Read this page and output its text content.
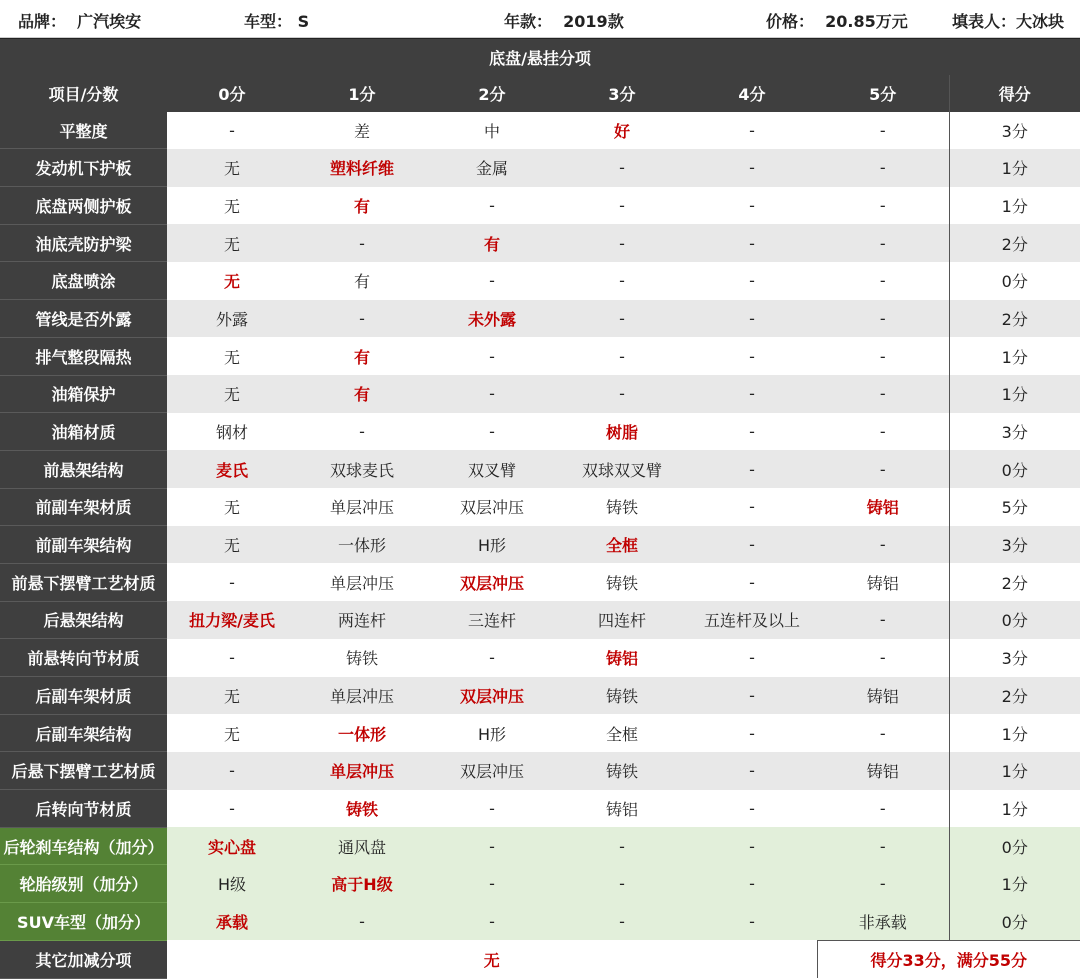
品牌： 广汽埃安	车型： S	年款： 2019款	价格： 20.85万元	填表人：大冰块
底盘/悬挂分项
项目/分数	0分	1分	2分	3分	4分	5分	得分
平整度	-	差	中	好	-	-	3分
发动机下护板	无	塑料纤维	金属	-	-	-	1分
底盘两侧护板	无	有	-	-	-	-	1分
油底壳防护梁	无	-	有	-	-	-	2分
底盘喷涂	无	有	-	-	-	-	0分
管线是否外露	外露	-	未外露	-	-	-	2分
排气整段隔热	无	有	-	-	-	-	1分
油箱保护	无	有	-	-	-	-	1分
油箱材质	钢材	-	-	树脂	-	-	3分
前悬架结构	麦氏	双球麦氏	双叉臂	双球双叉臂	-	-	0分
前副车架材质	无	单层冲压	双层冲压	铸铁	-	铸铝	5分
前副车架结构	无	一体形	H形	全框	-	-	3分
前悬下摆臂工艺材质	-	单层冲压	双层冲压	铸铁	-	铸铝	2分
后悬架结构	扭力梁/麦氏	两连杆	三连杆	四连杆	五连杆及以上	-	0分
前悬转向节材质	-	铸铁	-	铸铝	-	-	3分
后副车架材质	无	单层冲压	双层冲压	铸铁	-	铸铝	2分
后副车架结构	无	一体形	H形	全框	-	-	1分
后悬下摆臂工艺材质	-	单层冲压	双层冲压	铸铁	-	铸铝	1分
后转向节材质	-	铸铁	-	铸铝	-	-	1分
后轮刹车结构（加分）	实心盘	通风盘	-	-	-	-	0分
轮胎级别（加分）	H级	高于H级	-	-	-	-	1分
SUV车型（加分）	承载	-	-	-	-	非承载	0分
其它加减分项	无					得分33分，满分55分	
